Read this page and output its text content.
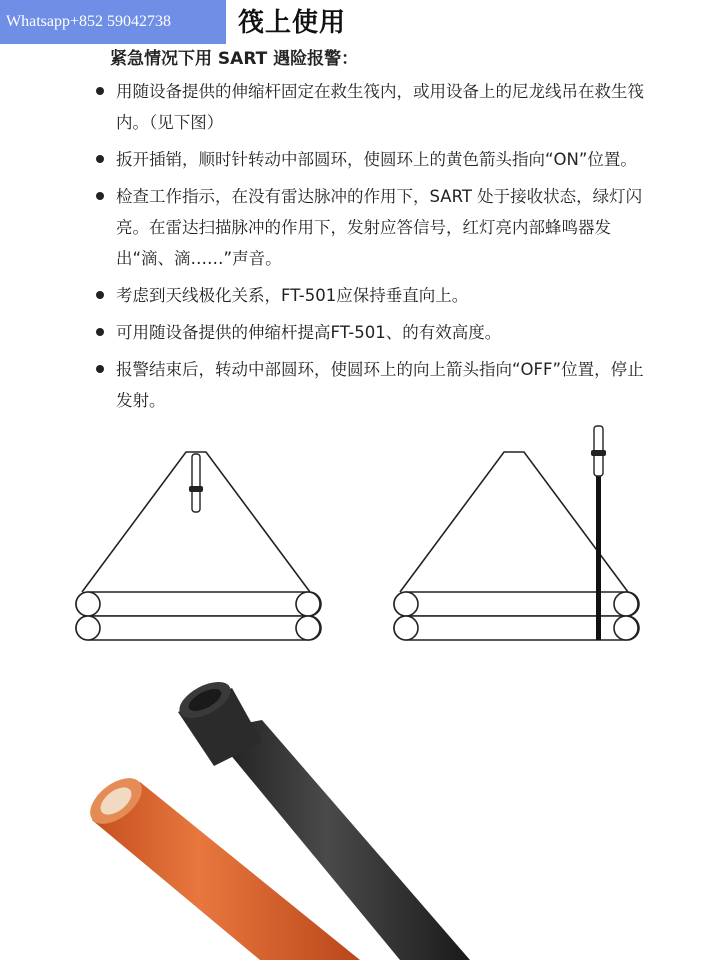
Whatsapp+852 59042738	筏上使用
紧急情况下用 SART 遇险报警：
用随设备提供的伸缩杆固定在救生筏内，或用设备上的尼龙线吊在救生筏内。（见下图）
扳开插销，顺时针转动中部圆环，使圆环上的黄色箭头指向“ON”位置。
检查工作指示，在没有雷达脉冲的作用下，SART 处于接收状态，绿灯闪亮。在雷达扫描脉冲的作用下，发射应答信号，红灯亮内部蜂鸣器发出“滴、滴……”声音。
考虑到天线极化关系，FT-501应保持垂直向上。
可用随设备提供的伸缩杆提高FT-501、的有效高度。
报警结束后，转动中部圆环，使圆环上的向上箭头指向“OFF”位置，停止发射。
